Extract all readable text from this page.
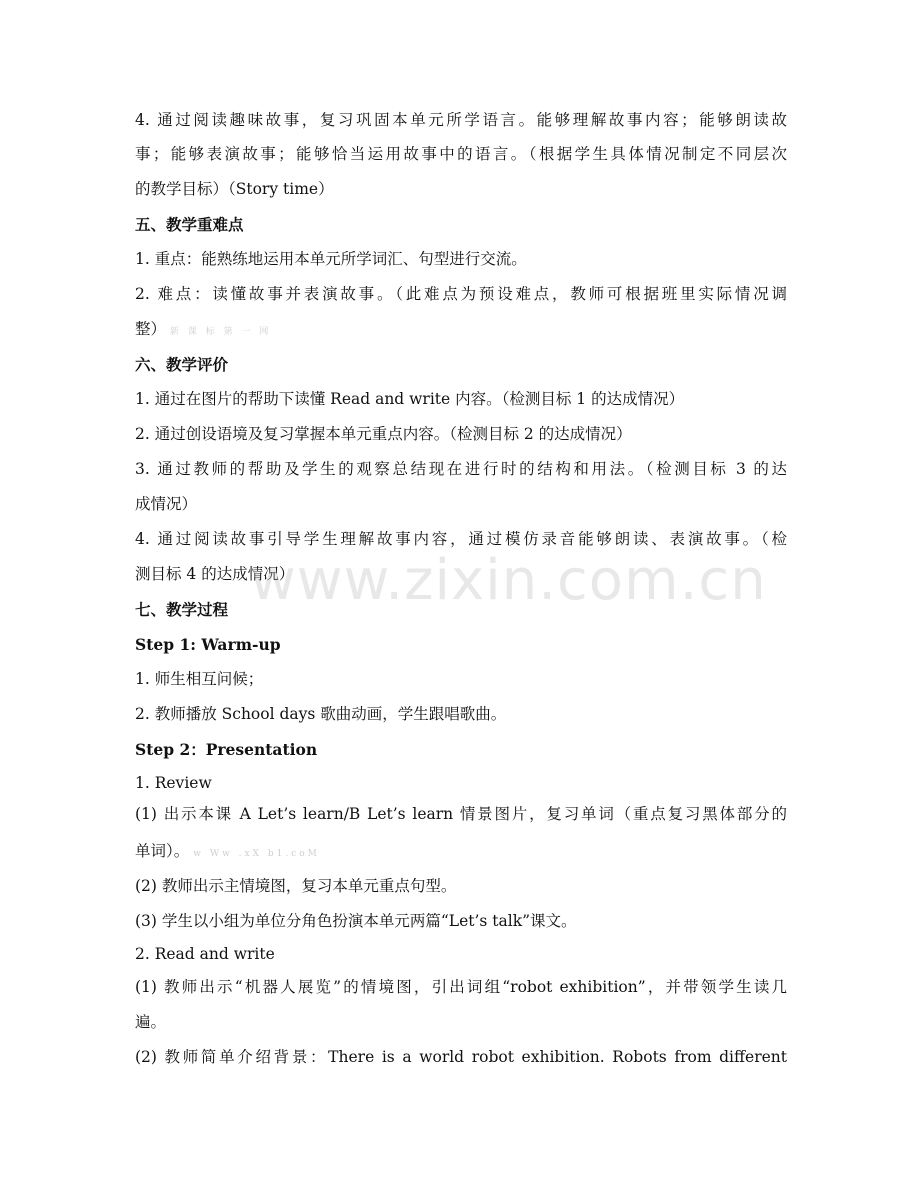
4. 通过阅读趣味故事，复习巩固本单元所学语言。能够理解故事内容；能够朗读故
事；能够表演故事；能够恰当运用故事中的语言。（根据学生具体情况制定不同层次
的教学目标）（Story time）
五、教学重难点
1. 重点：能熟练地运用本单元所学词汇、句型进行交流。
2. 难点：读懂故事并表演故事。（此难点为预设难点，教师可根据班里实际情况调
整） 新 课 标 第 一 网
六、教学评价
1. 通过在图片的帮助下读懂 Read and write 内容。（检测目标 1 的达成情况）
2. 通过创设语境及复习掌握本单元重点内容。（检测目标 2 的达成情况）
3. 通过教师的帮助及学生的观察总结现在进行时的结构和用法。（检测目标 3 的达
成情况）
4. 通过阅读故事引导学生理解故事内容，通过模仿录音能够朗读、表演故事。（检
测目标 4 的达成情况）
七、教学过程
Step 1: Warm-up
1. 师生相互问候；
2. 教师播放 School days 歌曲动画，学生跟唱歌曲。
Step 2：Presentation
1. Review
(1) 出示本课 A Let’s learn/B Let’s learn 情景图片，复习单词（重点复习黑体部分的
单词）。 w Ww .xX b1.coM
(2) 教师出示主情境图，复习本单元重点句型。
(3) 学生以小组为单位分角色扮演本单元两篇“Let’s talk”课文。
2. Read and write
(1) 教师出示“机器人展览”的情境图，引出词组“robot exhibition”，并带领学生读几
遍。
(2) 教师简单介绍背景：There is a world robot exhibition. Robots from different
www.zixin.com.cn
